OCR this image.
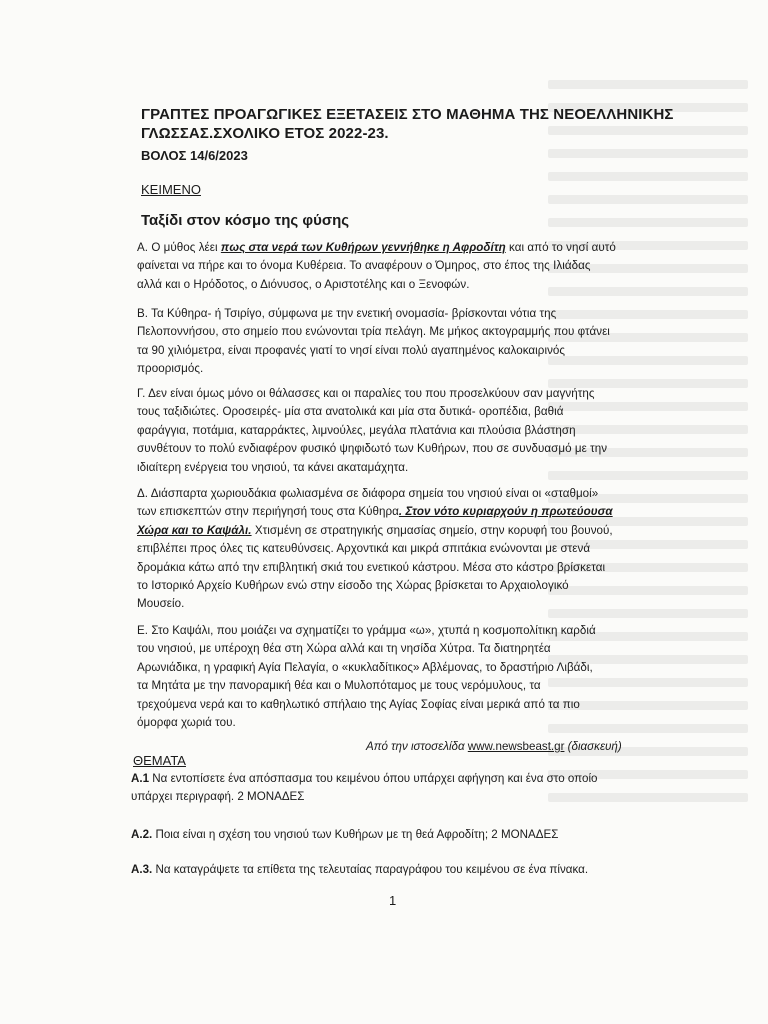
ΓΡΑΠΤΕΣ ΠΡΟΑΓΩΓΙΚΕΣ ΕΞΕΤΑΣΕΙΣ ΣΤΟ ΜΑΘΗΜΑ ΤΗΣ ΝΕΟΕΛΛΗΝΙΚΗΣ
ΓΛΩΣΣΑΣ.ΣΧΟΛΙΚΟ ΕΤΟΣ 2022-23.
ΒΟΛΟΣ 14/6/2023
ΚΕΙΜΕΝΟ
Ταξίδι στον κόσμο της φύσης
Α. Ο μύθος λέει πως στα νερά των Κυθήρων γεννήθηκε η Αφροδίτη και από το νησί αυτό
φαίνεται να πήρε και το όνομα Κυθέρεια. Το αναφέρουν ο Όμηρος, στο έπος της Ιλιάδας
αλλά και ο Ηρόδοτος, ο Διόνυσος, ο Αριστοτέλης και ο Ξενοφών.
Β. Τα Κύθηρα- ή Τσιρίγο, σύμφωνα με την ενετική ονομασία- βρίσκονται νότια της
Πελοποννήσου, στο σημείο που ενώνονται τρία πελάγη. Με μήκος ακτογραμμής που φτάνει
τα 90 χιλιόμετρα, είναι προφανές γιατί το νησί είναι πολύ αγαπημένος καλοκαιρινός
προορισμός.
Γ. Δεν είναι όμως μόνο οι θάλασσες και οι παραλίες του που προσελκύουν σαν μαγνήτης
τους ταξιδιώτες. Οροσειρές- μία στα ανατολικά και μία στα δυτικά- οροπέδια, βαθιά
φαράγγια, ποτάμια, καταρράκτες, λιμνούλες, μεγάλα πλατάνια και πλούσια βλάστηση
συνθέτουν το πολύ ενδιαφέρον φυσικό ψηφιδωτό των Κυθήρων, που σε συνδυασμό με την
ιδιαίτερη ενέργεια του νησιού, τα κάνει ακαταμάχητα.
Δ. Διάσπαρτα χωριουδάκια φωλιασμένα σε διάφορα σημεία του νησιού είναι οι «σταθμοί»
των επισκεπτών στην περιήγησή τους στα Κύθηρα. Στον νότο κυριαρχούν η πρωτεύουσα
Χώρα και το Καψάλι. Χτισμένη σε στρατηγικής σημασίας σημείο, στην κορυφή του βουνού,
επιβλέπει προς όλες τις κατευθύνσεις. Αρχοντικά και μικρά σπιτάκια ενώνονται με στενά
δρομάκια κάτω από την επιβλητική σκιά του ενετικού κάστρου. Μέσα στο κάστρο βρίσκεται
το Ιστορικό Αρχείο Κυθήρων ενώ στην είσοδο της Χώρας βρίσκεται το Αρχαιολογικό
Μουσείο.
Ε. Στο Καψάλι, που μοιάζει να σχηματίζει το γράμμα «ω», χτυπά η κοσμοπολίτικη καρδιά
του νησιού, με υπέροχη θέα στη Χώρα αλλά και τη νησίδα Χύτρα. Τα διατηρητέα
Αρωνιάδικα, η γραφική Αγία Πελαγία, ο «κυκλαδίτικος» Αβλέμονας, το δραστήριο Λιβάδι,
τα Μητάτα με την πανοραμική θέα και ο Μυλοπόταμος με τους νερόμυλους, τα
τρεχούμενα νερά και το καθηλωτικό σπήλαιο της Αγίας Σοφίας είναι μερικά από τα πιο
όμορφα χωριά του.
Από την ιστοσελίδα www.newsbeast.gr (διασκευή)
ΘΕΜΑΤΑ
Α.1 Να εντοπίσετε ένα απόσπασμα του κειμένου όπου υπάρχει αφήγηση και ένα στο οποίο
υπάρχει περιγραφή. 2 ΜΟΝΑΔΕΣ
Α.2. Ποια είναι η σχέση του νησιού των Κυθήρων με τη θεά Αφροδίτη; 2 ΜΟΝΑΔΕΣ
Α.3. Να καταγράψετε τα επίθετα της τελευταίας παραγράφου του κειμένου σε ένα πίνακα.
1
